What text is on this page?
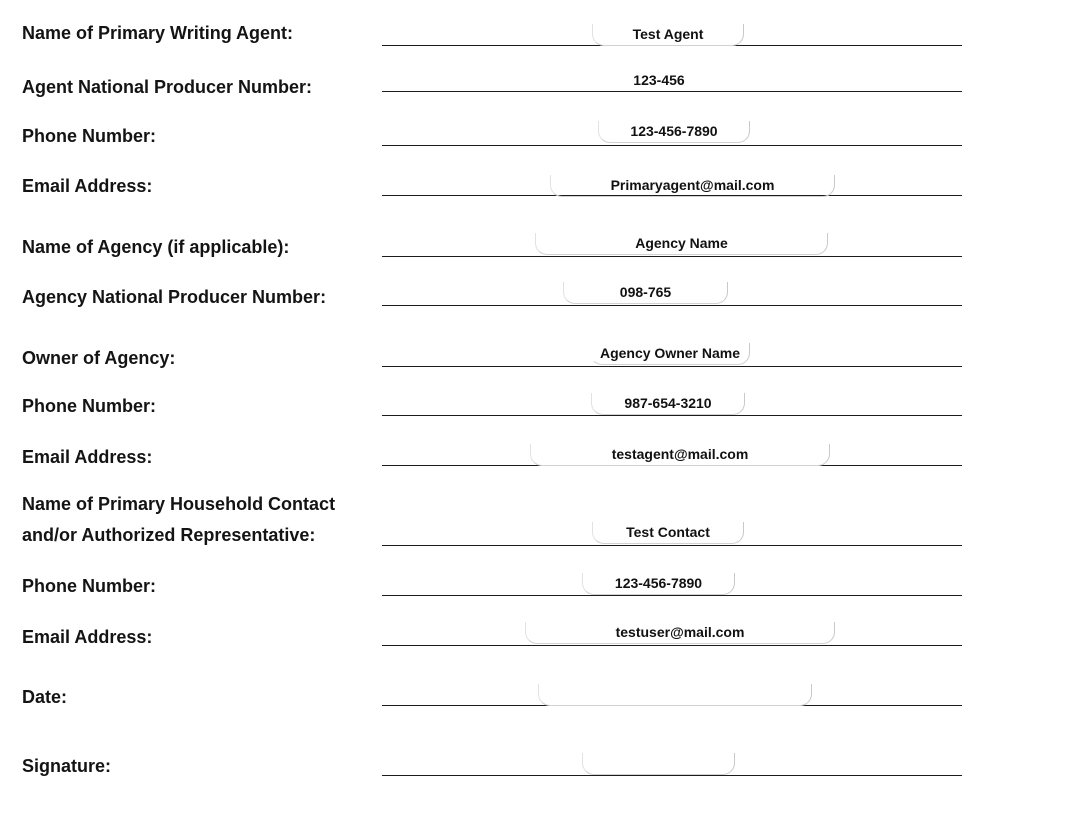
Name of Primary Writing Agent:	Test Agent
Agent National Producer Number:	123-456
Phone Number:	123-456-7890
Email Address:	Primaryagent@mail.com
Name of Agency (if applicable):	Agency Name
Agency National Producer Number:	098-765
Owner of Agency:	Agency Owner Name
Phone Number:	987-654-3210
Email Address:	testagent@mail.com
Name of Primary Household Contact
and/or Authorized Representative:	Test Contact
Phone Number:	123-456-7890
Email Address:	testuser@mail.com
Date:
Signature:
